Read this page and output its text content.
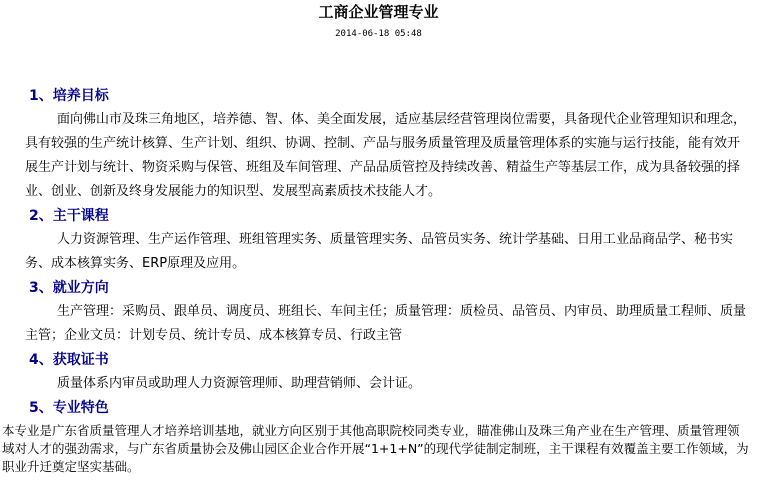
工商企业管理专业
2014-06-18 05:48

1、培养目标

面向佛山市及珠三角地区，培养德、智、体、美全面发展，适应基层经营管理岗位需要，具备现代企业管理知识和理念，具有较强的生产统计核算、生产计划、组织、协调、控制、产品与服务质量管理及质量管理体系的实施与运行技能，能有效开展生产计划与统计、物资采购与保管、班组及车间管理、产品品质管控及持续改善、精益生产等基层工作，成为具备较强的择业、创业、创新及终身发展能力的知识型、发展型高素质技术技能人才。

2、主干课程

人力资源管理、生产运作管理、班组管理实务、质量管理实务、品管员实务、统计学基础、日用工业品商品学、秘书实务、成本核算实务、ERP原理及应用。

3、就业方向

生产管理：采购员、跟单员、调度员、班组长、车间主任；质量管理：质检员、品管员、内审员、助理质量工程师、质量主管；企业文员：计划专员、统计专员、成本核算专员、行政主管

4、获取证书

质量体系内审员或助理人力资源管理师、助理营销师、会计证。

5、专业特色

本专业是广东省质量管理人才培养培训基地，就业方向区别于其他高职院校同类专业，瞄准佛山及珠三角产业在生产管理、质量管理领域对人才的强劲需求，与广东省质量协会及佛山园区企业合作开展“1+1+N”的现代学徒制定制班，主干课程有效覆盖主要工作领域，为职业升迁奠定坚实基础。
